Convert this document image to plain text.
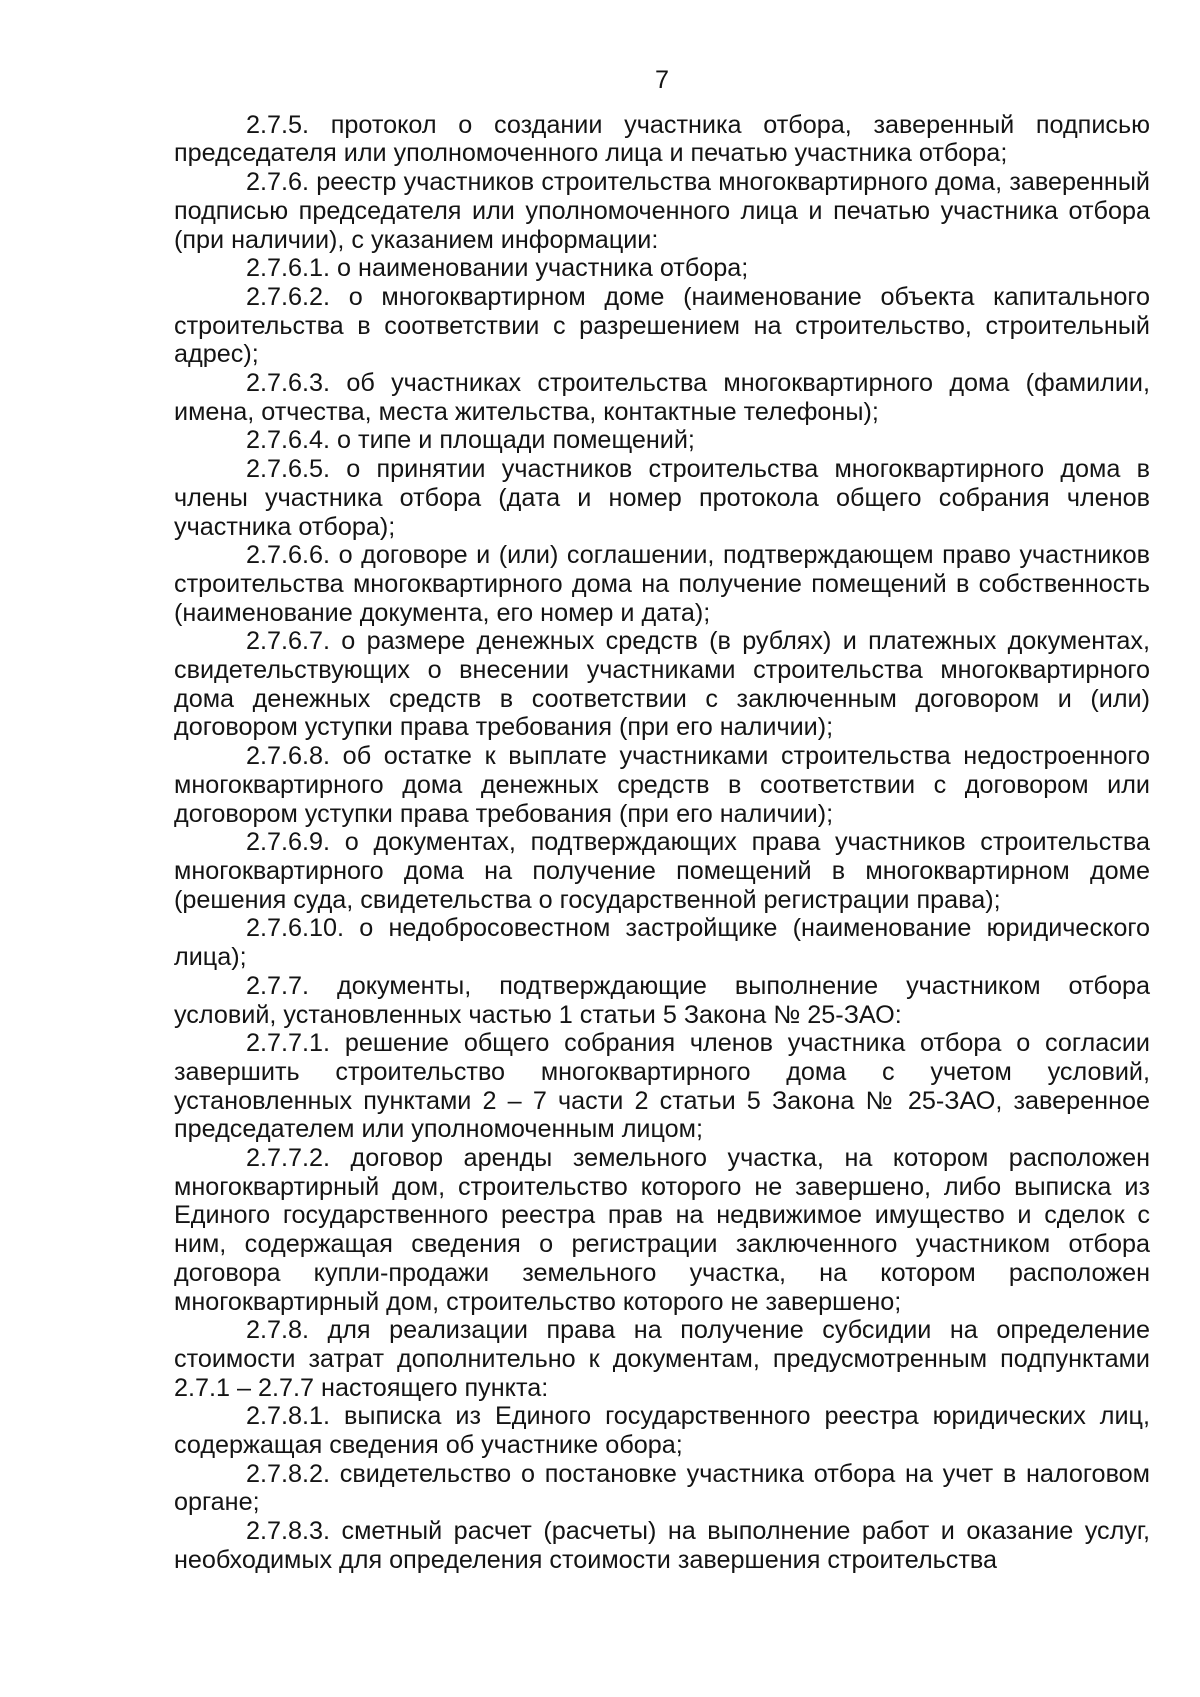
7

2.7.5. протокол о создании участника отбора, заверенный подписью председателя или уполномоченного лица и печатью участника отбора;

2.7.6. реестр участников строительства многоквартирного дома, заверенный подписью председателя или уполномоченного лица и печатью участника отбора (при наличии), с указанием информации:

2.7.6.1. о наименовании участника отбора;

2.7.6.2. о многоквартирном доме (наименование объекта капитального строительства в соответствии с разрешением на строительство, строительный адрес);

2.7.6.3. об участниках строительства многоквартирного дома (фамилии, имена, отчества, места жительства, контактные телефоны);

2.7.6.4. о типе и площади помещений;

2.7.6.5. о принятии участников строительства многоквартирного дома в члены участника отбора (дата и номер протокола общего собрания членов участника отбора);

2.7.6.6. о договоре и (или) соглашении, подтверждающем право участников строительства многоквартирного дома на получение помещений в собственность (наименование документа, его номер и дата);

2.7.6.7. о размере денежных средств (в рублях) и платежных документах, свидетельствующих о внесении участниками строительства многоквартирного дома денежных средств в соответствии с заключенным договором и (или) договором уступки права требования (при его наличии);

2.7.6.8. об остатке к выплате участниками строительства недостроенного многоквартирного дома денежных средств в соответствии с договором или договором уступки права требования (при его наличии);

2.7.6.9. о документах, подтверждающих права участников строительства многоквартирного дома на получение помещений в многоквартирном доме (решения суда, свидетельства о государственной регистрации права);

2.7.6.10. о недобросовестном застройщике (наименование юридического лица);

2.7.7. документы, подтверждающие выполнение участником отбора условий, установленных частью 1 статьи 5 Закона № 25-ЗАО:

2.7.7.1. решение общего собрания членов участника отбора о согласии завершить строительство многоквартирного дома с учетом условий, установленных пунктами 2 – 7 части 2 статьи 5 Закона № 25-ЗАО, заверенное председателем или уполномоченным лицом;

2.7.7.2. договор аренды земельного участка, на котором расположен многоквартирный дом, строительство которого не завершено, либо выписка из Единого государственного реестра прав на недвижимое имущество и сделок с ним, содержащая сведения о регистрации заключенного участником отбора договора купли-продажи земельного участка, на котором расположен многоквартирный дом, строительство которого не завершено;

2.7.8. для реализации права на получение субсидии на определение стоимости затрат дополнительно к документам, предусмотренным подпунктами 2.7.1 – 2.7.7 настоящего пункта:

2.7.8.1. выписка из Единого государственного реестра юридических лиц, содержащая сведения об участнике обора;

2.7.8.2. свидетельство о постановке участника отбора на учет в налоговом органе;

2.7.8.3. сметный расчет (расчеты) на выполнение работ и оказание услуг, необходимых для определения стоимости завершения строительства
